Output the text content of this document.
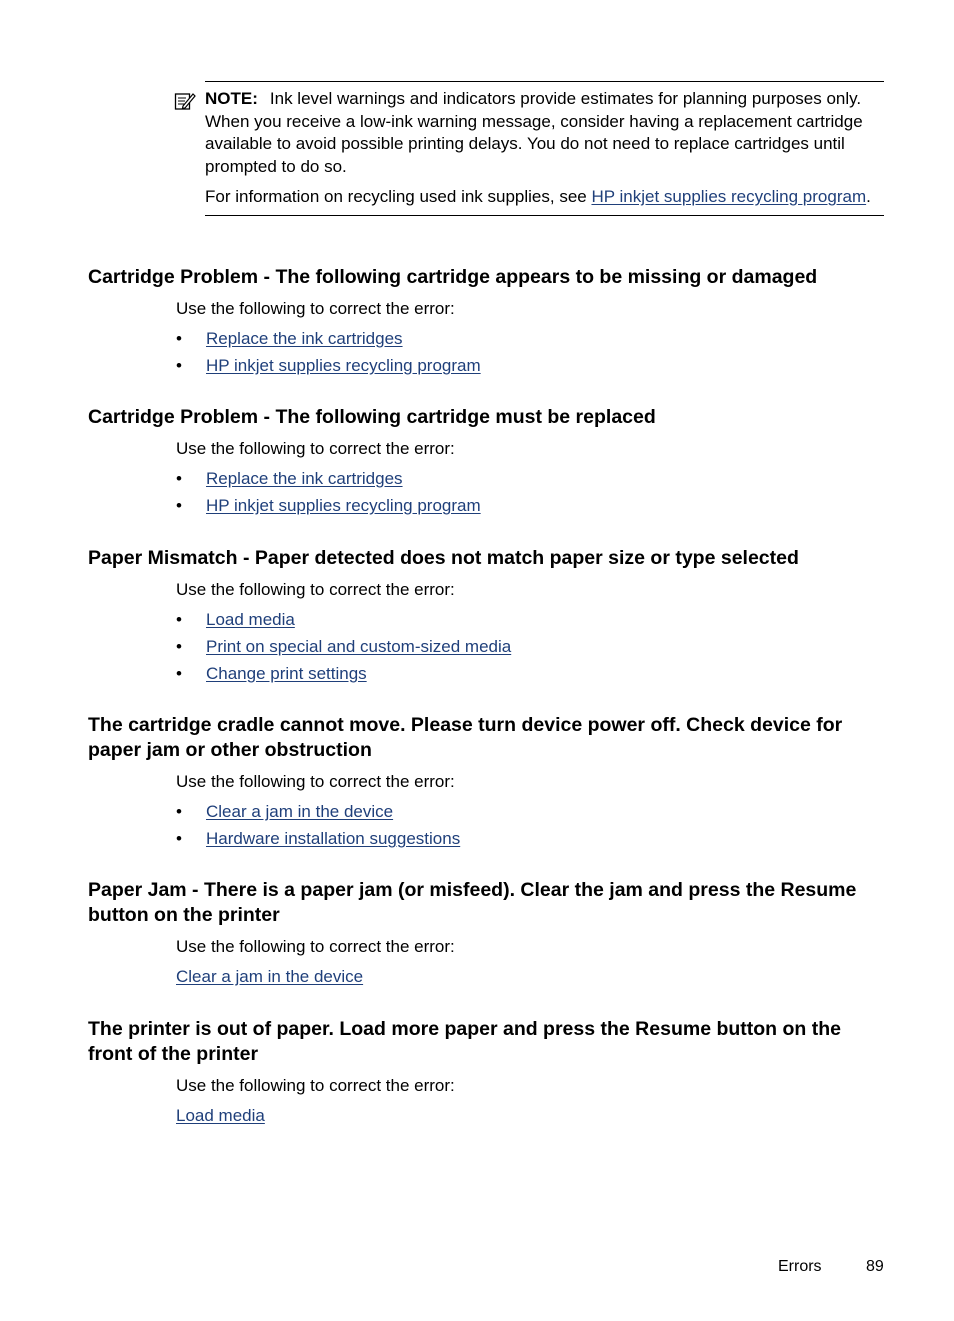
NOTE: Ink level warnings and indicators provide estimates for planning purposes only. When you receive a low-ink warning message, consider having a replacement cartridge available to avoid possible printing delays. You do not need to replace cartridges until prompted to do so.

For information on recycling used ink supplies, see HP inkjet supplies recycling program.

Cartridge Problem - The following cartridge appears to be missing or damaged
Use the following to correct the error:
• Replace the ink cartridges
• HP inkjet supplies recycling program
Cartridge Problem - The following cartridge must be replaced
Use the following to correct the error:
• Replace the ink cartridges
• HP inkjet supplies recycling program
Paper Mismatch - Paper detected does not match paper size or type selected
Use the following to correct the error:
• Load media
• Print on special and custom-sized media
• Change print settings
The cartridge cradle cannot move. Please turn device power off. Check device for paper jam or other obstruction
Use the following to correct the error:
• Clear a jam in the device
• Hardware installation suggestions
Paper Jam - There is a paper jam (or misfeed). Clear the jam and press the Resume button on the printer
Use the following to correct the error:
Clear a jam in the device
The printer is out of paper. Load more paper and press the Resume button on the front of the printer
Use the following to correct the error:
Load media
Errors	89
